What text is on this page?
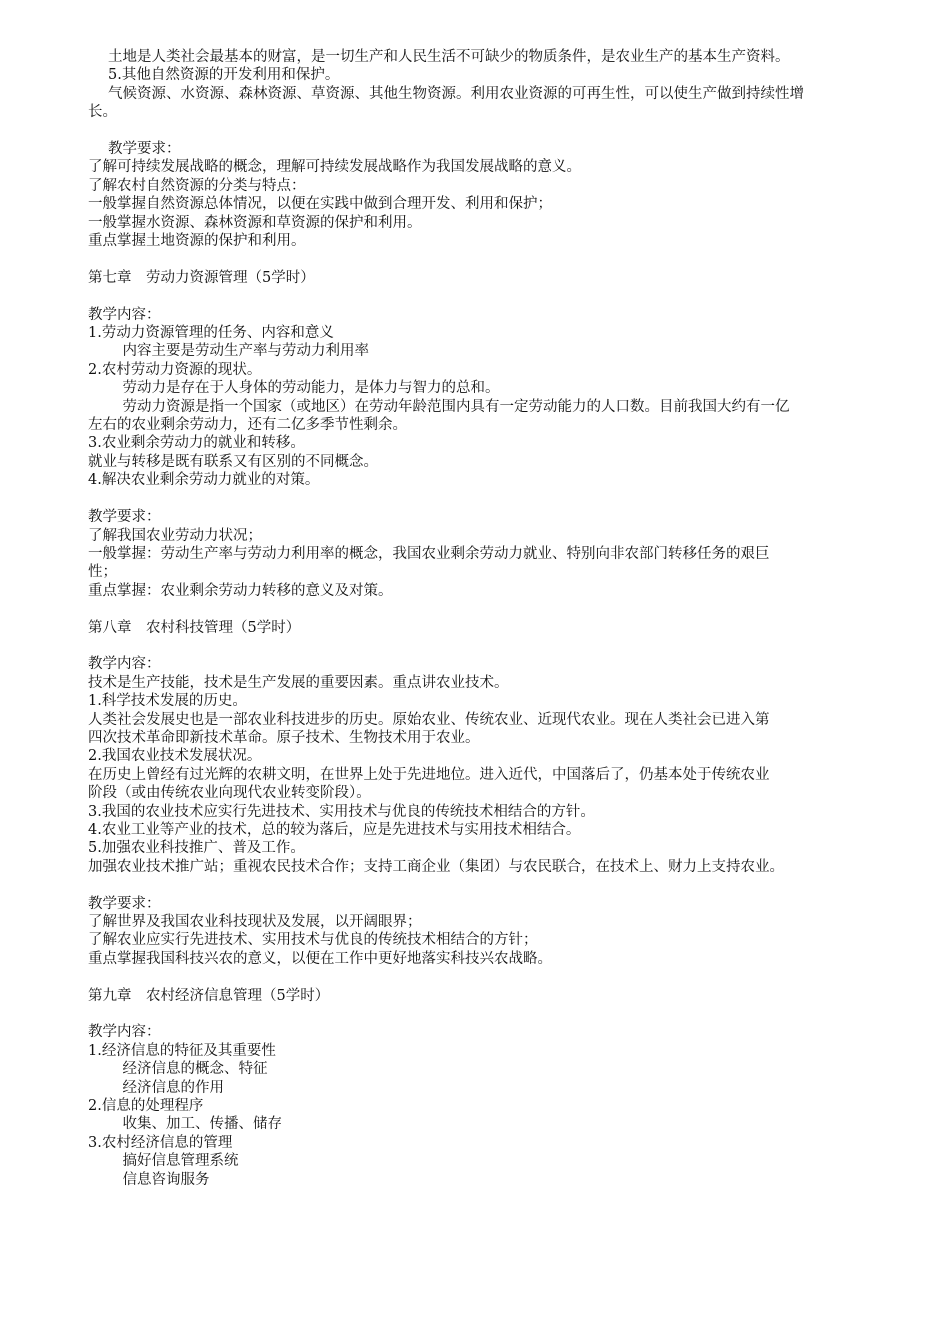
土地是人类社会最基本的财富，是一切生产和人民生活不可缺少的物质条件，是农业生产的基本生产资料。
5.其他自然资源的开发利用和保护。
气候资源、水资源、森林资源、草资源、其他生物资源。利用农业资源的可再生性，可以使生产做到持续性增
长。
教学要求：
了解可持续发展战略的概念，理解可持续发展战略作为我国发展战略的意义。
了解农村自然资源的分类与特点：
一般掌握自然资源总体情况，以便在实践中做到合理开发、利用和保护；
一般掌握水资源、森林资源和草资源的保护和利用。
重点掌握土地资源的保护和利用。
第七章　劳动力资源管理（5学时）
教学内容：
1.劳动力资源管理的任务、内容和意义
　内容主要是劳动生产率与劳动力利用率
2.农村劳动力资源的现状。
　劳动力是存在于人身体的劳动能力，是体力与智力的总和。
　劳动力资源是指一个国家（或地区）在劳动年龄范围内具有一定劳动能力的人口数。目前我国大约有一亿
左右的农业剩余劳动力，还有二亿多季节性剩余。
3.农业剩余劳动力的就业和转移。
就业与转移是既有联系又有区别的不同概念。
4.解决农业剩余劳动力就业的对策。
教学要求：
了解我国农业劳动力状况；
一般掌握：劳动生产率与劳动力利用率的概念，我国农业剩余劳动力就业、特别向非农部门转移任务的艰巨
性；
重点掌握：农业剩余劳动力转移的意义及对策。
第八章　农村科技管理（5学时）
教学内容：
技术是生产技能，技术是生产发展的重要因素。重点讲农业技术。
1.科学技术发展的历史。
人类社会发展史也是一部农业科技进步的历史。原始农业、传统农业、近现代农业。现在人类社会已进入第
四次技术革命即新技术革命。原子技术、生物技术用于农业。
2.我国农业技术发展状况。
在历史上曾经有过光辉的农耕文明，在世界上处于先进地位。进入近代，中国落后了，仍基本处于传统农业
阶段（或由传统农业向现代农业转变阶段）。
3.我国的农业技术应实行先进技术、实用技术与优良的传统技术相结合的方针。
4.农业工业等产业的技术，总的较为落后，应是先进技术与实用技术相结合。
5.加强农业科技推广、普及工作。
加强农业技术推广站；重视农民技术合作；支持工商企业（集团）与农民联合，在技术上、财力上支持农业。
教学要求：
了解世界及我国农业科技现状及发展，以开阔眼界；
了解农业应实行先进技术、实用技术与优良的传统技术相结合的方针；
重点掌握我国科技兴农的意义，以便在工作中更好地落实科技兴农战略。
第九章　农村经济信息管理（5学时）
教学内容：
1.经济信息的特征及其重要性
　经济信息的概念、特征
　经济信息的作用
2.信息的处理程序
　收集、加工、传播、储存
3.农村经济信息的管理
　搞好信息管理系统
　信息咨询服务
